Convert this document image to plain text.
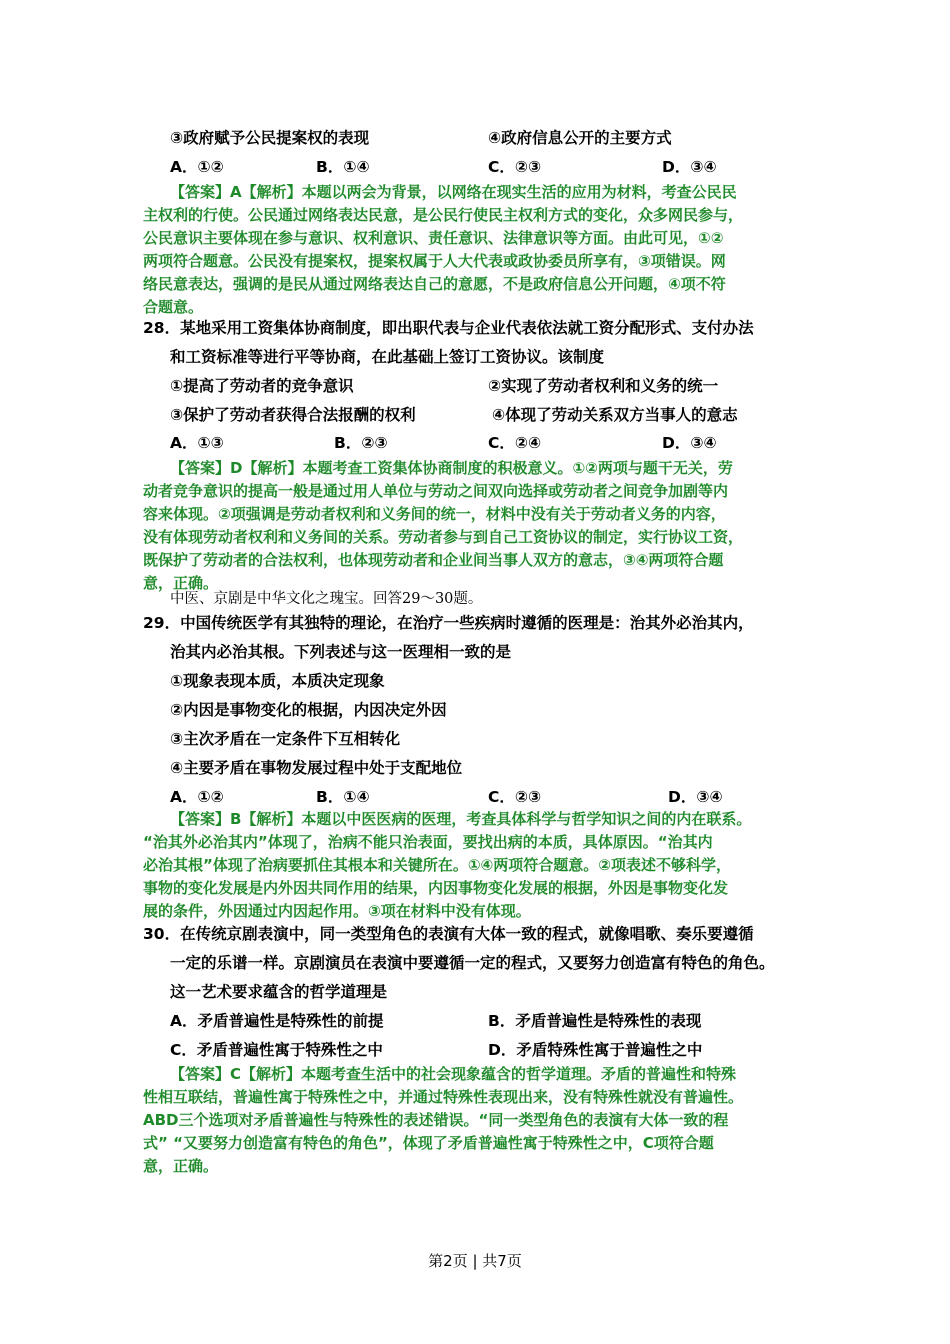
③政府赋予公民提案权的表现	④政府信息公开的主要方式
A．①②	B．①④	C．②③	D．③④
【答案】A【解析】本题以两会为背景，以网络在现实生活的应用为材料，考查公民民
主权利的行使。公民通过网络表达民意，是公民行使民主权利方式的变化，众多网民参与，
公民意识主要体现在参与意识、权利意识、责任意识、法律意识等方面。由此可见，①②
两项符合题意。公民没有提案权，提案权属于人大代表或政协委员所享有，③项错误。网
络民意表达，强调的是民从通过网络表达自己的意愿，不是政府信息公开问题，④项不符
合题意。
28．某地采用工资集体协商制度，即出职代表与企业代表依法就工资分配形式、支付办法
和工资标准等进行平等协商，在此基础上签订工资协议。该制度
①提高了劳动者的竞争意识	②实现了劳动者权利和义务的统一
③保护了劳动者获得合法报酬的权利	④体现了劳动关系双方当事人的意志
A．①③	B．②③	C．②④	D．③④
【答案】D【解析】本题考查工资集体协商制度的积极意义。①②两项与题干无关，劳
动者竞争意识的提高一般是通过用人单位与劳动之间双向选择或劳动者之间竞争加剧等内
容来体现。②项强调是劳动者权利和义务间的统一，材料中没有关于劳动者义务的内容，
没有体现劳动者权利和义务间的关系。劳动者参与到自己工资协议的制定，实行协议工资，
既保护了劳动者的合法权利，也体现劳动者和企业间当事人双方的意志，③④两项符合题
意，正确。
中医、京剧是中华文化之瑰宝。回答29～30题。
29．中国传统医学有其独特的理论，在治疗一些疾病时遵循的医理是：治其外必治其内，
治其内必治其根。下列表述与这一医理相一致的是
①现象表现本质，本质决定现象
②内因是事物变化的根据，内因决定外因
③主次矛盾在一定条件下互相转化
④主要矛盾在事物发展过程中处于支配地位
A．①②	B．①④	C．②③	D．③④
【答案】B【解析】本题以中医医病的医理，考查具体科学与哲学知识之间的内在联系。
“治其外必治其内”体现了，治病不能只治表面，要找出病的本质，具体原因。“治其内
必治其根”体现了治病要抓住其根本和关键所在。①④两项符合题意。②项表述不够科学，
事物的变化发展是内外因共同作用的结果，内因事物变化发展的根据，外因是事物变化发
展的条件，外因通过内因起作用。③项在材料中没有体现。
30．在传统京剧表演中，同一类型角色的表演有大体一致的程式，就像唱歌、奏乐要遵循
一定的乐谱一样。京剧演员在表演中要遵循一定的程式，又要努力创造富有特色的角色。
这一艺术要求蕴含的哲学道理是
A．矛盾普遍性是特殊性的前提	B．矛盾普遍性是特殊性的表现
C．矛盾普遍性寓于特殊性之中	D．矛盾特殊性寓于普遍性之中
【答案】C【解析】本题考查生活中的社会现象蕴含的哲学道理。矛盾的普遍性和特殊
性相互联结，普遍性寓于特殊性之中，并通过特殊性表现出来，没有特殊性就没有普遍性。
ABD三个选项对矛盾普遍性与特殊性的表述错误。“同一类型角色的表演有大体一致的程
式” “又要努力创造富有特色的角色”，体现了矛盾普遍性寓于特殊性之中，C项符合题
意，正确。
第2页 | 共7页
